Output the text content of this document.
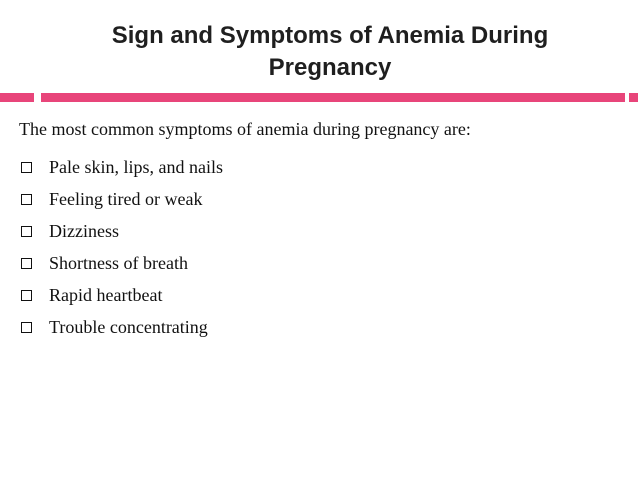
Sign and Symptoms of Anemia During
Pregnancy
The most common symptoms of anemia during pregnancy are:
Pale skin, lips, and nails
Feeling tired or weak
Dizziness
Shortness of breath
Rapid heartbeat
Trouble concentrating
